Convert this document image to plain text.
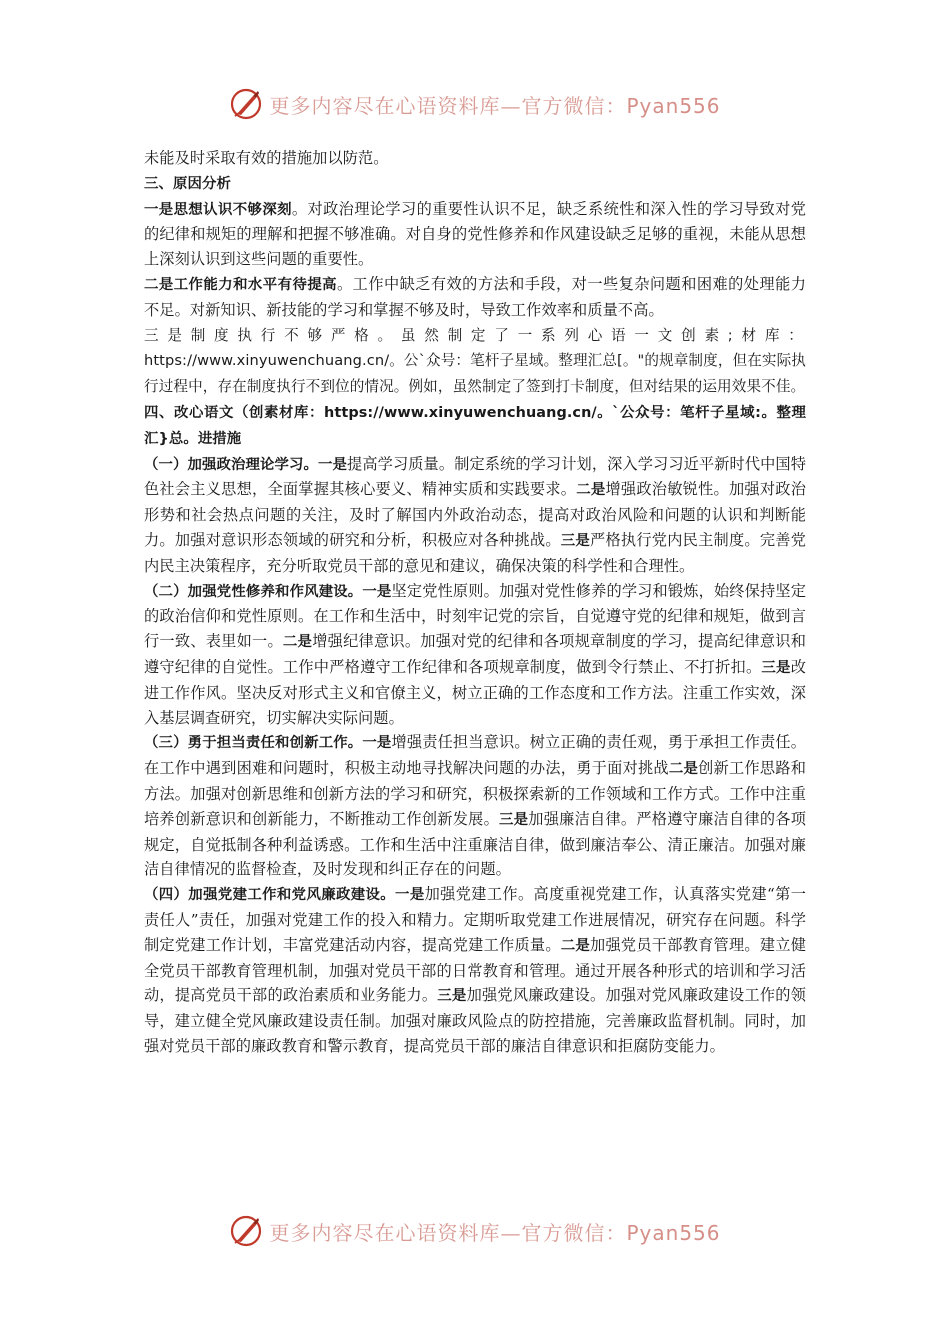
更多内容尽在心语资料库—官方微信：Pyan556

未能及时采取有效的措施加以防范。

三、原因分析

一是思想认识不够深刻。对政治理论学习的重要性认识不足，缺乏系统性和深入性的学习导致对党的纪律和规矩的理解和把握不够准确。对自身的党性修养和作风建设缺乏足够的重视，未能从思想上深刻认识到这些问题的重要性。

二是工作能力和水平有待提高。工作中缺乏有效的方法和手段，对一些复杂问题和困难的处理能力不足。对新知识、新技能的学习和掌握不够及时，导致工作效率和质量不高。

三是制度执行不够严格。虽然制定了一系列心语一文创素;材库： https://www.xinyuwenchuang.cn/。公`众号：笔杆子星域。整理汇总[。"的规章制度，但在实际执行过程中，存在制度执行不到位的情况。例如，虽然制定了签到打卡制度，但对结果的运用效果不佳。

四、改心语文（创素材库：https://www.xinyuwenchuang.cn/。`公众号：笔杆子星域:。整理汇}总。进措施

（一）加强政治理论学习。一是提高学习质量。制定系统的学习计划，深入学习习近平新时代中国特色社会主义思想，全面掌握其核心要义、精神实质和实践要求。二是增强政治敏锐性。加强对政治形势和社会热点问题的关注，及时了解国内外政治动态，提高对政治风险和问题的认识和判断能力。加强对意识形态领域的研究和分析，积极应对各种挑战。三是严格执行党内民主制度。完善党内民主决策程序，充分听取党员干部的意见和建议，确保决策的科学性和合理性。

（二）加强党性修养和作风建设。一是坚定党性原则。加强对党性修养的学习和锻炼，始终保持坚定的政治信仰和党性原则。在工作和生活中，时刻牢记党的宗旨，自觉遵守党的纪律和规矩，做到言行一致、表里如一。二是增强纪律意识。加强对党的纪律和各项规章制度的学习，提高纪律意识和遵守纪律的自觉性。工作中严格遵守工作纪律和各项规章制度，做到令行禁止、不打折扣。三是改进工作作风。坚决反对形式主义和官僚主义，树立正确的工作态度和工作方法。注重工作实效，深入基层调查研究，切实解决实际问题。

（三）勇于担当责任和创新工作。一是增强责任担当意识。树立正确的责任观，勇于承担工作责任。在工作中遇到困难和问题时，积极主动地寻找解决问题的办法，勇于面对挑战二是创新工作思路和方法。加强对创新思维和创新方法的学习和研究，积极探索新的工作领域和工作方式。工作中注重培养创新意识和创新能力，不断推动工作创新发展。三是加强廉洁自律。严格遵守廉洁自律的各项规定，自觉抵制各种利益诱惑。工作和生活中注重廉洁自律，做到廉洁奉公、清正廉洁。加强对廉洁自律情况的监督检查，及时发现和纠正存在的问题。

（四）加强党建工作和党风廉政建设。一是加强党建工作。高度重视党建工作，认真落实党建“第一责任人”责任，加强对党建工作的投入和精力。定期听取党建工作进展情况，研究存在问题。科学制定党建工作计划，丰富党建活动内容，提高党建工作质量。二是加强党员干部教育管理。建立健全党员干部教育管理机制，加强对党员干部的日常教育和管理。通过开展各种形式的培训和学习活动，提高党员干部的政治素质和业务能力。三是加强党风廉政建设。加强对党风廉政建设工作的领导，建立健全党风廉政建设责任制。加强对廉政风险点的防控措施，完善廉政监督机制。同时，加强对党员干部的廉政教育和警示教育，提高党员干部的廉洁自律意识和拒腐防变能力。

更多内容尽在心语资料库—官方微信：Pyan556
